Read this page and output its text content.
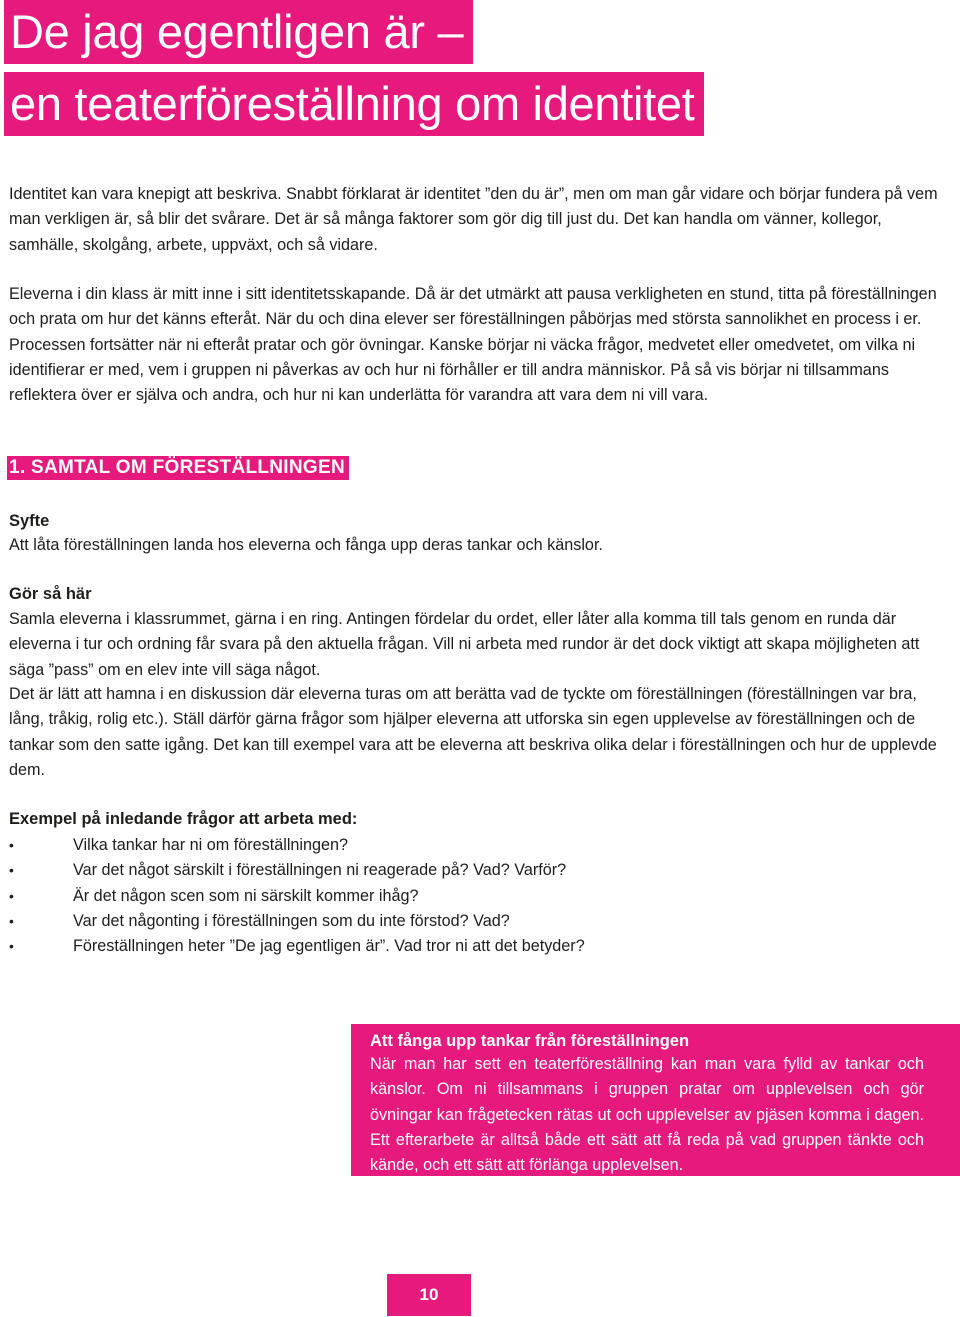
De jag egentligen är –
en teaterföreställning om identitet

Identitet kan vara knepigt att beskriva. Snabbt förklarat är identitet ”den du är”, men om man går vidare och börjar fundera på vem man verkligen är, så blir det svårare. Det är så många faktorer som gör dig till just du. Det kan handla om vänner, kollegor, samhälle, skolgång, arbete, uppväxt, och så vidare.

Eleverna i din klass är mitt inne i sitt identitetsskapande. Då är det utmärkt att pausa verkligheten en stund, titta på föreställningen och prata om hur det känns efteråt. När du och dina elever ser föreställningen påbörjas med största sannolikhet en process i er. Processen fortsätter när ni efteråt pratar och gör övningar. Kanske börjar ni väcka frågor, medvetet eller omedvetet, om vilka ni identifierar er med, vem i gruppen ni påverkas av och hur ni förhåller er till andra människor. På så vis börjar ni tillsammans reflektera över er själva och andra, och hur ni kan underlätta för varandra att vara dem ni vill vara.

1. SAMTAL OM FÖRESTÄLLNINGEN

Syfte

Att låta föreställningen landa hos eleverna och fånga upp deras tankar och känslor.

Gör så här

Samla eleverna i klassrummet, gärna i en ring. Antingen fördelar du ordet, eller låter alla komma till tals genom en runda där eleverna i tur och ordning får svara på den aktuella frågan. Vill ni arbeta med rundor är det dock viktigt att skapa möjligheten att säga ”pass” om en elev inte vill säga något.

Det är lätt att hamna i en diskussion där eleverna turas om att berätta vad de tyckte om föreställningen (föreställningen var bra, lång, tråkig, rolig etc.). Ställ därför gärna frågor som hjälper eleverna att utforska sin egen upplevelse av föreställningen och de tankar som den satte igång. Det kan till exempel vara att be eleverna att beskriva olika delar i föreställningen och hur de upplevde dem.

Exempel på inledande frågor att arbeta med:

•	Vilka tankar har ni om föreställningen?
•	Var det något särskilt i föreställningen ni reagerade på? Vad? Varför?
•	Är det någon scen som ni särskilt kommer ihåg?
•	Var det någonting i föreställningen som du inte förstod? Vad?
•	Föreställningen heter ”De jag egentligen är”. Vad tror ni att det betyder?
Att fånga upp tankar från föreställningen

När man har sett en teaterföreställning kan man vara fylld av tankar och känslor. Om ni tillsammans i gruppen pratar om upplevelsen och gör övningar kan frågetecken rätas ut och upplevelser av pjäsen komma i dagen. Ett efterarbete är alltså både ett sätt att få reda på vad gruppen tänkte och kände, och ett sätt att förlänga upplevelsen.

10
